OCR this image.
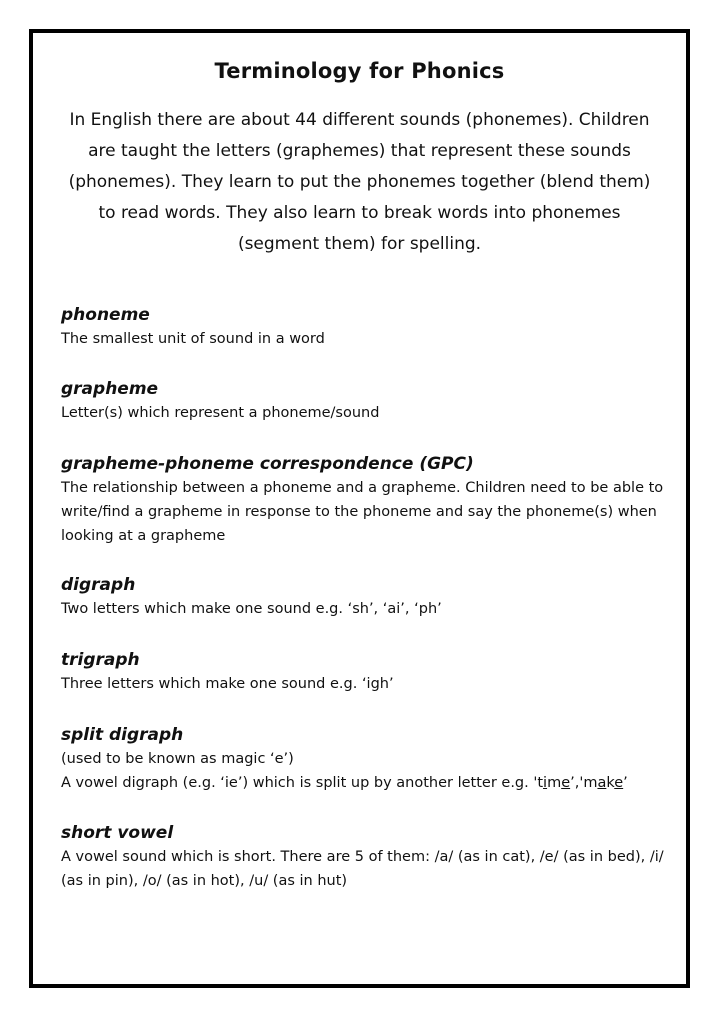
Terminology for Phonics

In English there are about 44 different sounds (phonemes). Children are taught the letters (graphemes) that represent these sounds (phonemes). They learn to put the phonemes together (blend them) to read words. They also learn to break words into phonemes (segment them) for spelling.

phoneme
The smallest unit of sound in a word
grapheme
Letter(s) which represent a phoneme/sound
grapheme-phoneme correspondence (GPC)
The relationship between a phoneme and a grapheme. Children need to be able to write/find a grapheme in response to the phoneme and say the phoneme(s) when looking at a grapheme
digraph
Two letters which make one sound e.g. ‘sh’, ‘ai’, ‘ph’
trigraph
Three letters which make one sound e.g. ‘igh’
split digraph
(used to be known as magic ‘e’)
A vowel digraph (e.g. ‘ie’) which is split up by another letter e.g. 'time’,'make’
short vowel
A vowel sound which is short. There are 5 of them: /a/ (as in cat), /e/ (as in bed), /i/ (as in pin), /o/ (as in hot), /u/ (as in hut)
